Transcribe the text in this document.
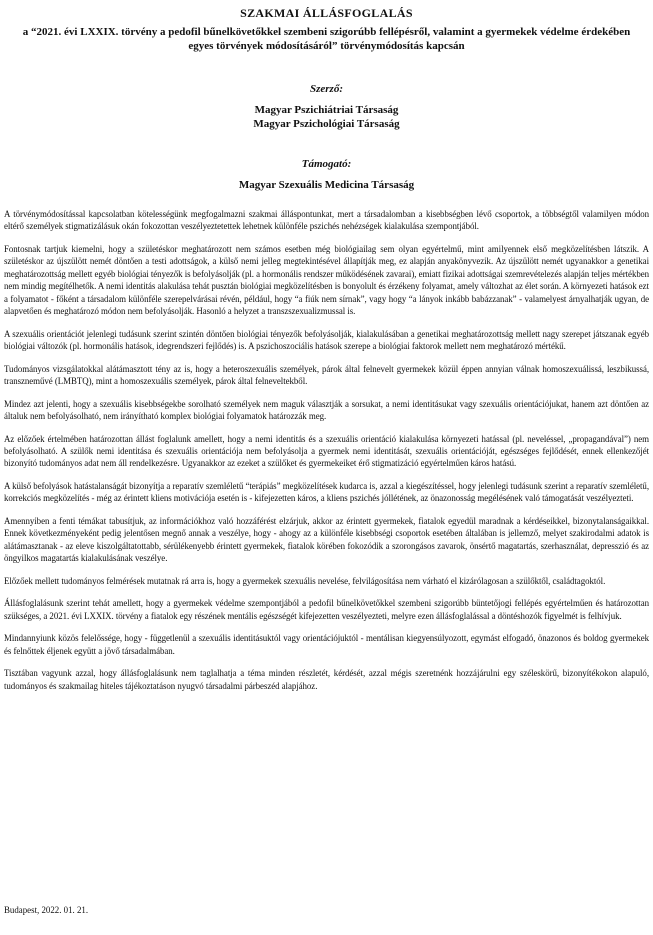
SZAKMAI ÁLLÁSFOGLALÁS
a “2021. évi LXXIX. törvény a pedofil bűnelkövetőkkel szembeni szigorúbb fellépésről, valamint a gyermekek védelme érdekében egyes törvények módosításáról” törvénymódosítás kapcsán
Szerző:
Magyar Pszichiátriai Társaság
Magyar Pszichológiai Társaság
Támogató:
Magyar Szexuális Medicina Társaság

A törvénymódosítással kapcsolatban kötelességünk megfogalmazni szakmai álláspontunkat, mert a társadalomban a kisebbségben lévő csoportok, a többségtől valamilyen módon eltérő személyek stigmatizálásuk okán fokozottan veszélyeztetettek lehetnek különféle pszichés nehézségek kialakulása szempontjából.

Fontosnak tartjuk kiemelni, hogy a születéskor meghatározott nem számos esetben még biológiailag sem olyan egyértelmű, mint amilyennek első megközelítésben látszik. A születéskor az újszülött nemét döntően a testi adottságok, a külső nemi jelleg megtekintésével állapítják meg, ez alapján anyakönyvezik. Az újszülött nemét ugyanakkor a genetikai meghatározottság mellett egyéb biológiai tényezők is befolyásolják (pl. a hormonális rendszer működésének zavarai), emiatt fizikai adottságai szemrevételezés alapján teljes mértékben nem mindig megítélhetők. A nemi identitás alakulása tehát pusztán biológiai megközelítésben is bonyolult és érzékeny folyamat, amely változhat az élet során. A környezeti hatások ezt a folyamatot - főként a társadalom különféle szerepelvárásai révén, például, hogy “a fiúk nem sírnak”, vagy hogy “a lányok inkább babázzanak” - valamelyest árnyalhatják ugyan, de alapvetően és meghatározó módon nem befolyásolják. Hasonló a helyzet a transzszexualizmussal is.

A szexuális orientációt jelenlegi tudásunk szerint szintén döntően biológiai tényezők befolyásolják, kialakulásában a genetikai meghatározottság mellett nagy szerepet játszanak egyéb biológiai változók (pl. hormonális hatások, idegrendszeri fejlődés) is. A pszichoszociális hatások szerepe a biológiai faktorok mellett nem meghatározó mértékű.

Tudományos vizsgálatokkal alátámasztott tény az is, hogy a heteroszexuális személyek, párok által felnevelt gyermekek közül éppen annyian válnak homoszexuálissá, leszbikussá, transzneművé (LMBTQ), mint a homoszexuális személyek, párok által felneveltekből.

Mindez azt jelenti, hogy a szexuális kisebbségekbe sorolható személyek nem maguk választják a sorsukat, a nemi identitásukat vagy szexuális orientációjukat, hanem azt döntően az általuk nem befolyásolható, nem irányítható komplex biológiai folyamatok határozzák meg.

Az előzőek értelmében határozottan állást foglalunk amellett, hogy a nemi identitás és a szexuális orientáció kialakulása környezeti hatással (pl. neveléssel, „propagandával”) nem befolyásolható. A szülők nemi identitása és szexuális orientációja nem befolyásolja a gyermek nemi identitását, szexuális orientációját, egészséges fejlődését, ennek ellenkezőjét bizonyító tudományos adat nem áll rendelkezésre. Ugyanakkor az ezeket a szülőket és gyermekeiket érő stigmatizáció egyértelműen káros hatású.

A külső befolyások hatástalanságát bizonyítja a reparatív szemléletű “terápiás” megközelítések kudarca is, azzal a kiegészítéssel, hogy jelenlegi tudásunk szerint a reparatív szemléletű, korrekciós megközelítés - még az érintett kliens motivációja esetén is - kifejezetten káros, a kliens pszichés jóllétének, az önazonosság megélésének való támogatását veszélyezteti.

Amennyiben a fenti témákat tabusítjuk, az információkhoz való hozzáférést elzárjuk, akkor az érintett gyermekek, fiatalok egyedül maradnak a kérdéseikkel, bizonytalanságaikkal. Ennek következményeként pedig jelentősen megnő annak a veszélye, hogy - ahogy az a különféle kisebbségi csoportok esetében általában is jellemző, melyet szakirodalmi adatok is alátámasztanak - az eleve kiszolgáltatottabb, sérülékenyebb érintett gyermekek, fiatalok körében fokozódik a szorongásos zavarok, önsértő magatartás, szerhasználat, depresszió és az öngyilkos magatartás kialakulásának veszélye.

Előzőek mellett tudományos felmérések mutatnak rá arra is, hogy a gyermekek szexuális nevelése, felvilágosítása nem várható el kizárólagosan a szülőktől, családtagoktól.

Állásfoglalásunk szerint tehát amellett, hogy a gyermekek védelme szempontjából a pedofil bűnelkövetőkkel szembeni szigorúbb büntetőjogi fellépés egyértelműen és határozottan szükséges, a 2021. évi LXXIX. törvény a fiatalok egy részének mentális egészségét kifejezetten veszélyezteti, melyre ezen állásfoglalással a döntéshozók figyelmét is felhívjuk.

Mindannyiunk közös felelőssége, hogy - függetlenül a szexuális identitásuktól vagy orientációjuktól - mentálisan kiegyensúlyozott, egymást elfogadó, önazonos és boldog gyermekek és felnőttek éljenek együtt a jövő társadalmában.

Tisztában vagyunk azzal, hogy állásfoglalásunk nem taglalhatja a téma minden részletét, kérdését, azzal mégis szeretnénk hozzájárulni egy széleskörű, bizonyítékokon alapuló, tudományos és szakmailag hiteles tájékoztatáson nyugvó társadalmi párbeszéd alapjához.

Budapest, 2022. 01. 21.
